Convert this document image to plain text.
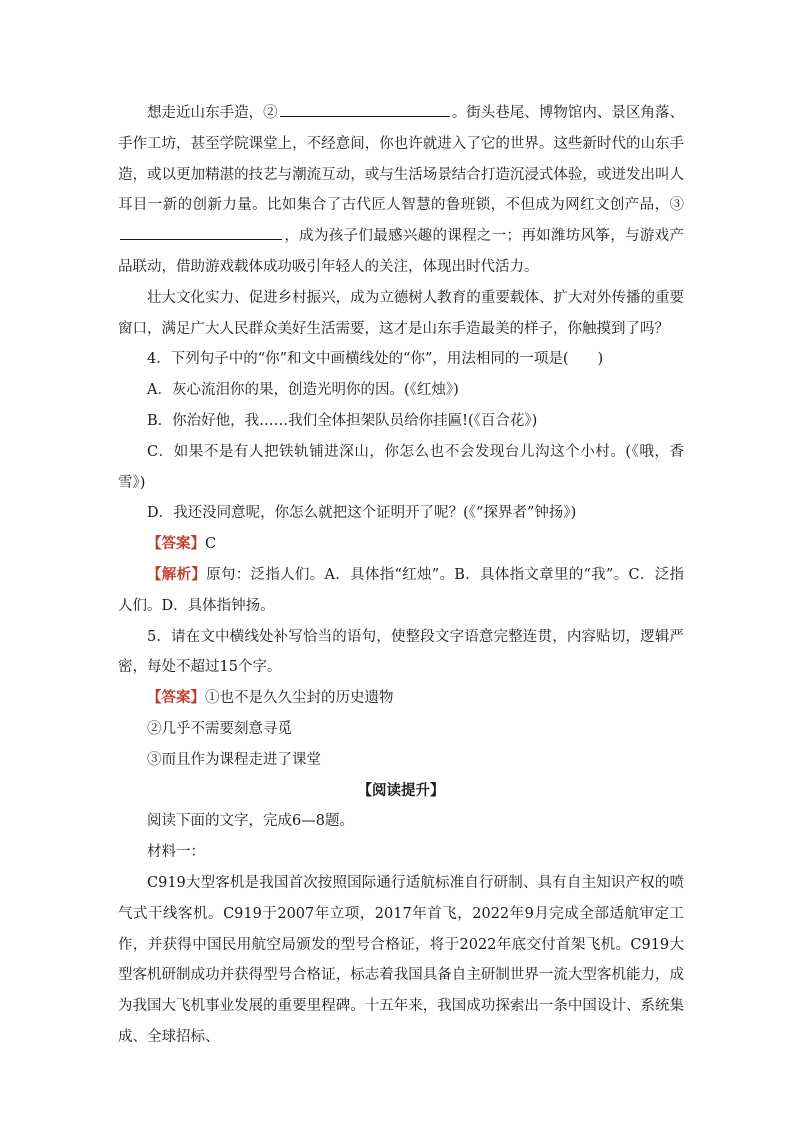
想走近山东手造，②	。街头巷尾、博物馆内、景区角落、手作工坊，甚至学院课堂上，不经意间，你也许就进入了它的世界。这些新时代的山东手造，或以更加精湛的技艺与潮流互动，或与生活场景结合打造沉浸式体验，或迸发出叫人耳目一新的创新力量。比如集合了古代匠人智慧的鲁班锁，不但成为网红文创产品，③，成为孩子们最感兴趣的课程之一；再如潍坊风筝，与游戏产品联动，借助游戏载体成功吸引年轻人的关注，体现出时代活力。

壮大文化实力、促进乡村振兴，成为立德树人教育的重要载体、扩大对外传播的重要窗口，满足广大人民群众美好生活需要，这才是山东手造最美的样子，你触摸到了吗？

4．下列句子中的“你”和文中画横线处的“你”，用法相同的一项是(　　)

A．灰心流泪你的果，创造光明你的因。(《红烛》)

B．你治好他，我……我们全体担架队员给你挂匾!(《百合花》)

C．如果不是有人把铁轨铺进深山，你怎么也不会发现台儿沟这个小村。(《哦，香雪》)

D．我还没同意呢，你怎么就把这个证明开了呢？(《“探界者”钟扬》)

【答案】C

【解析】原句：泛指人们。A．具体指“红烛”。B．具体指文章里的“我”。C．泛指人们。D．具体指钟扬。

5．请在文中横线处补写恰当的语句，使整段文字语意完整连贯，内容贴切，逻辑严密，每处不超过15个字。

【答案】①也不是久久尘封的历史遗物

②几乎不需要刻意寻觅

③而且作为课程走进了课堂

【阅读提升】

阅读下面的文字，完成6—8题。

材料一：

C919大型客机是我国首次按照国际通行适航标准自行研制、具有自主知识产权的喷气式干线客机。C919于2007年立项，2017年首飞，2022年9月完成全部适航审定工作，并获得中国民用航空局颁发的型号合格证，将于2022年底交付首架飞机。C919大型客机研制成功并获得型号合格证，标志着我国具备自主研制世界一流大型客机能力，成为我国大飞机事业发展的重要里程碑。十五年来，我国成功探索出一条中国设计、系统集成、全球招标、
